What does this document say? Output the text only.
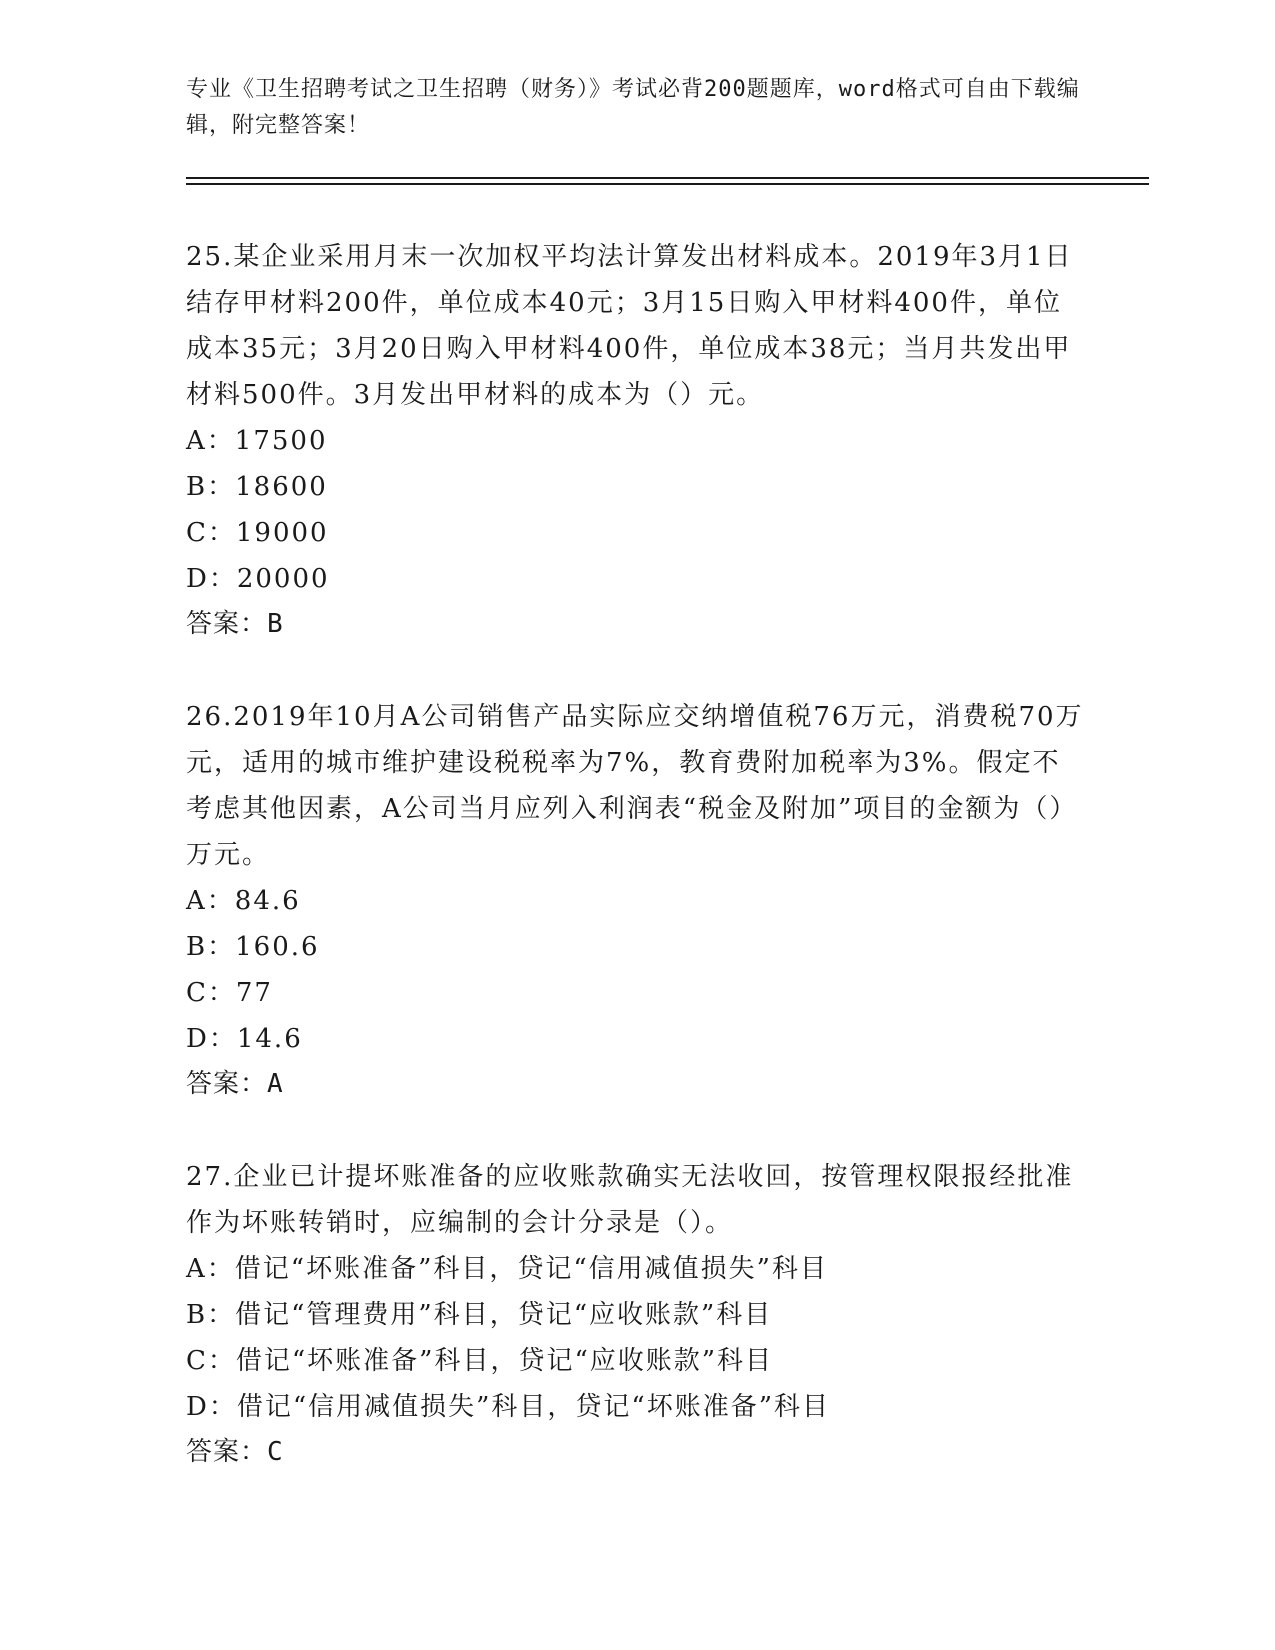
专业《卫生招聘考试之卫生招聘（财务）》考试必背200题题库，word格式可自由下载编辑，附完整答案！

25.某企业采用月末一次加权平均法计算发出材料成本。2019年3月1日结存甲材料200件，单位成本40元；3月15日购入甲材料400件，单位成本35元；3月20日购入甲材料400件，单位成本38元；当月共发出甲材料500件。3月发出甲材料的成本为（）元。

A：17500
B：18600
C：19000
D：20000
答案：B

26.2019年10月A公司销售产品实际应交纳增值税76万元，消费税70万元，适用的城市维护建设税税率为7%，教育费附加税率为3%。假定不考虑其他因素，A公司当月应列入利润表“税金及附加”项目的金额为（）万元。

A：84.6
B：160.6
C：77
D：14.6
答案：A

27.企业已计提坏账准备的应收账款确实无法收回，按管理权限报经批准作为坏账转销时，应编制的会计分录是（）。

A：借记“坏账准备”科目，贷记“信用减值损失”科目
B：借记“管理费用”科目，贷记“应收账款”科目
C：借记“坏账准备”科目，贷记“应收账款”科目
D：借记“信用减值损失”科目，贷记“坏账准备”科目
答案：C
